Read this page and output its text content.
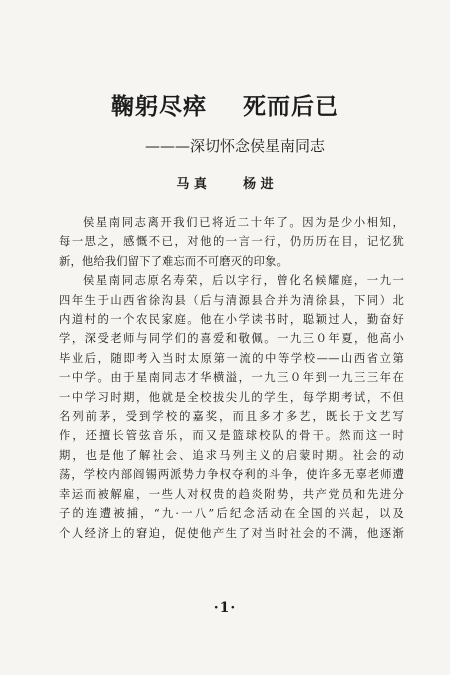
鞠躬尽瘁    死而后已
———深切怀念侯星南同志
马 真        杨 进
侯星南同志离开我们已将近二十年了。因为是少小相知，
每一思之，感慨不已，对他的一言一行，仍历历在目，记忆犹
新，他给我们留下了难忘而不可磨灭的印象。
侯星南同志原名寿荣，后以字行，曾化名候耀庭，一九一
四年生于山西省徐沟县（后与清源县合并为清徐县，下同）北
内道村的一个农民家庭。他在小学读书时，聪颖过人，勤奋好
学，深受老师与同学们的喜爱和敬佩。一九三０年夏，他高小
毕业后，随即考入当时太原第一流的中等学校——山西省立第
一中学。由于星南同志才华横溢，一九三０年到一九三三年在
一中学习时期，他就是全校拔尖儿的学生，每学期考试，不但
名列前茅，受到学校的嘉奖，而且多才多艺，既长于文艺写
作，还擅长管弦音乐，而又是篮球校队的骨干。然而这一时
期，也是他了解社会、追求马列主义的启蒙时期。社会的动
荡，学校内部阎锡两派势力争权夺利的斗争，使许多无辜老师遭
幸运而被解雇，一些人对权贵的趋炎附势，共产党员和先进分
子的连遭被捕，“九·一八”后纪念活动在全国的兴起，以及
个人经济上的窘迫，促使他产生了对当时社会的不满，他逐渐
·1·
